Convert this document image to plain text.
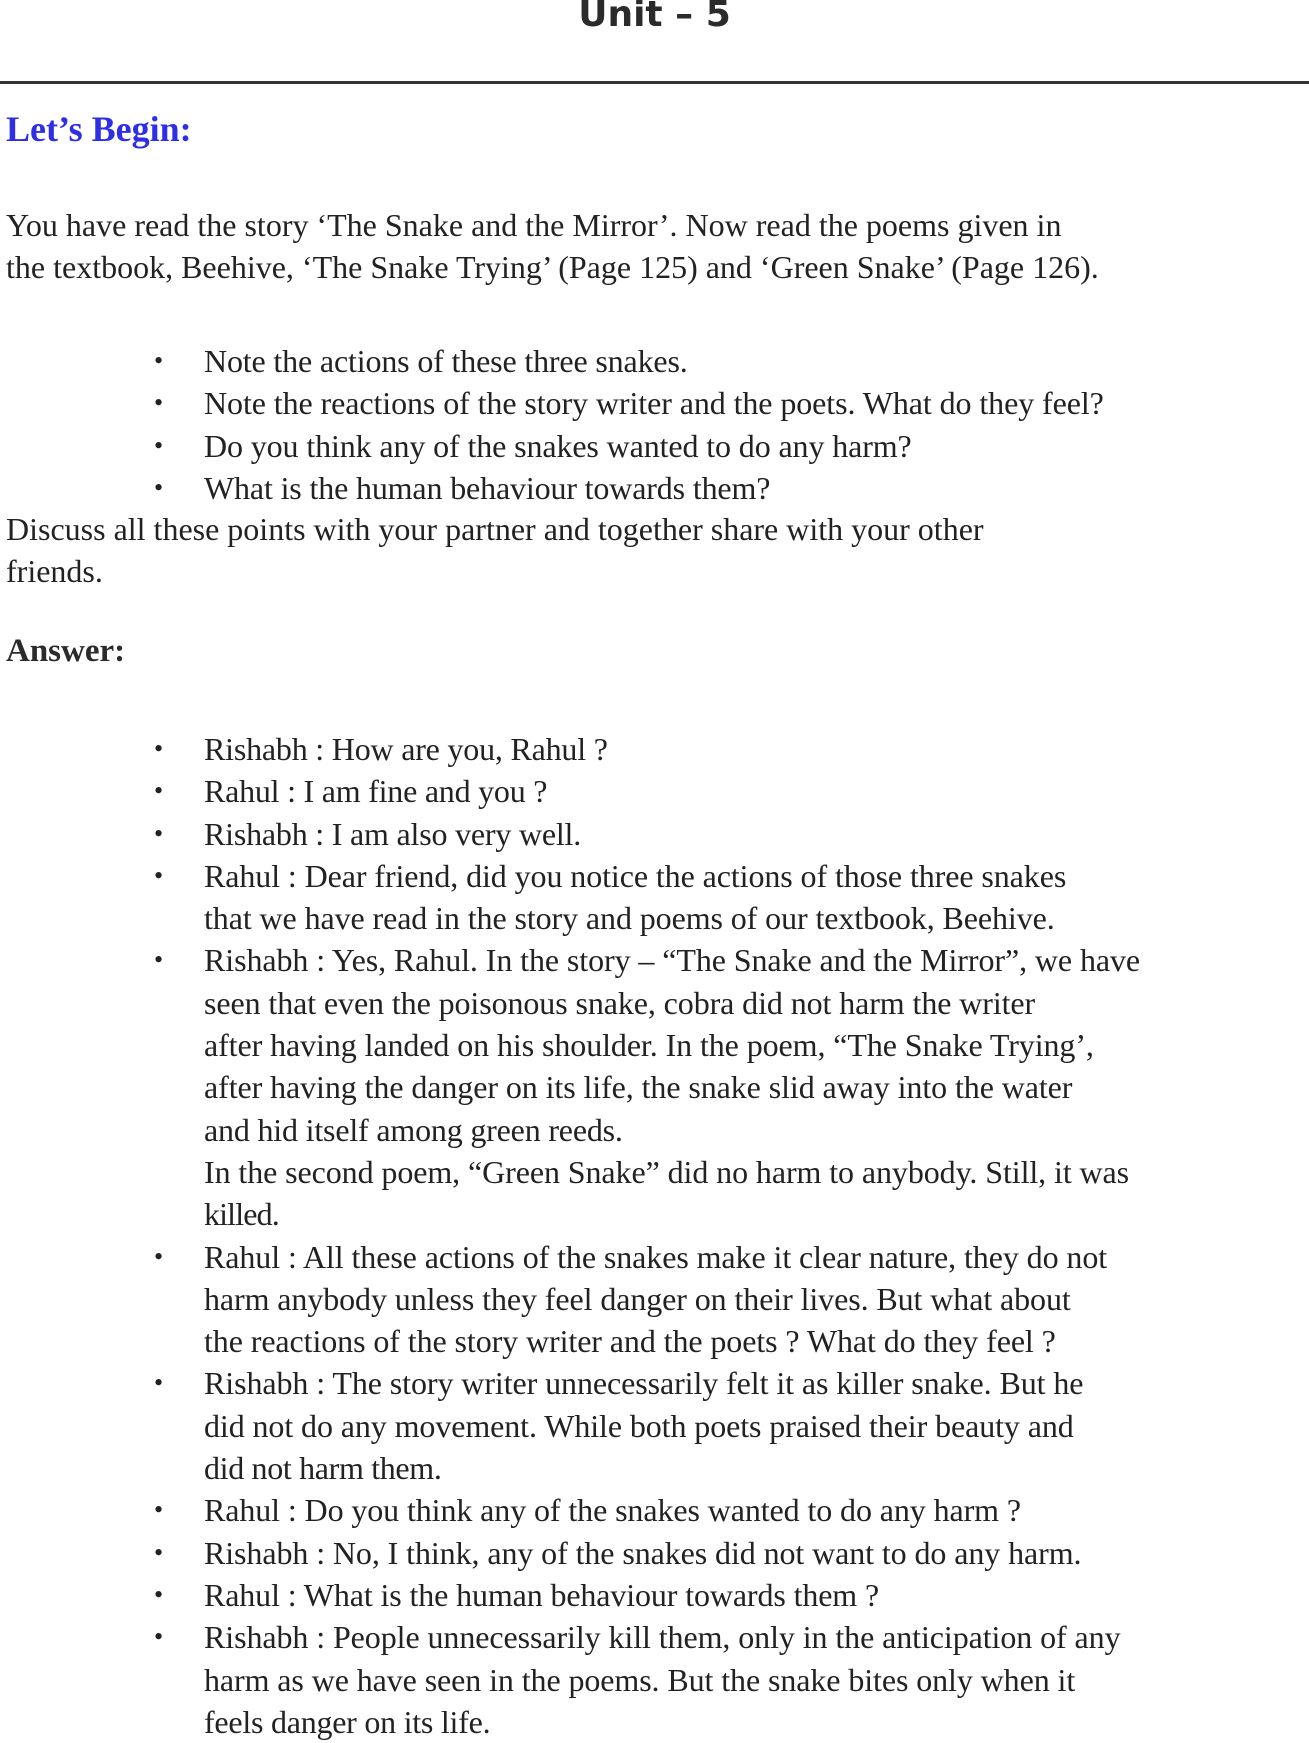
Unit – 5
Let’s Begin:
You have read the story ‘The Snake and the Mirror’. Now read the poems given in
the textbook, Beehive, ‘The Snake Trying’ (Page 125) and ‘Green Snake’ (Page 126).
• Note the actions of these three snakes.
• Note the reactions of the story writer and the poets. What do they feel?
• Do you think any of the snakes wanted to do any harm?
• What is the human behaviour towards them?
Discuss all these points with your partner and together share with your other
friends.
Answer:
• Rishabh : How are you, Rahul ?
• Rahul : I am fine and you ?
• Rishabh : I am also very well.
• Rahul : Dear friend, did you notice the actions of those three snakes
that we have read in the story and poems of our textbook, Beehive.
• Rishabh : Yes, Rahul. In the story – “The Snake and the Mirror”, we have
seen that even the poisonous snake, cobra did not harm the writer
after having landed on his shoulder. In the poem, “The Snake Trying’,
after having the danger on its life, the snake slid away into the water
and hid itself among green reeds.
In the second poem, “Green Snake” did no harm to anybody. Still, it was
killed.
• Rahul : All these actions of the snakes make it clear nature, they do not
harm anybody unless they feel danger on their lives. But what about
the reactions of the story writer and the poets ? What do they feel ?
• Rishabh : The story writer unnecessarily felt it as killer snake. But he
did not do any movement. While both poets praised their beauty and
did not harm them.
• Rahul : Do you think any of the snakes wanted to do any harm ?
• Rishabh : No, I think, any of the snakes did not want to do any harm.
• Rahul : What is the human behaviour towards them ?
• Rishabh : People unnecessarily kill them, only in the anticipation of any
harm as we have seen in the poems. But the snake bites only when it
feels danger on its life.
